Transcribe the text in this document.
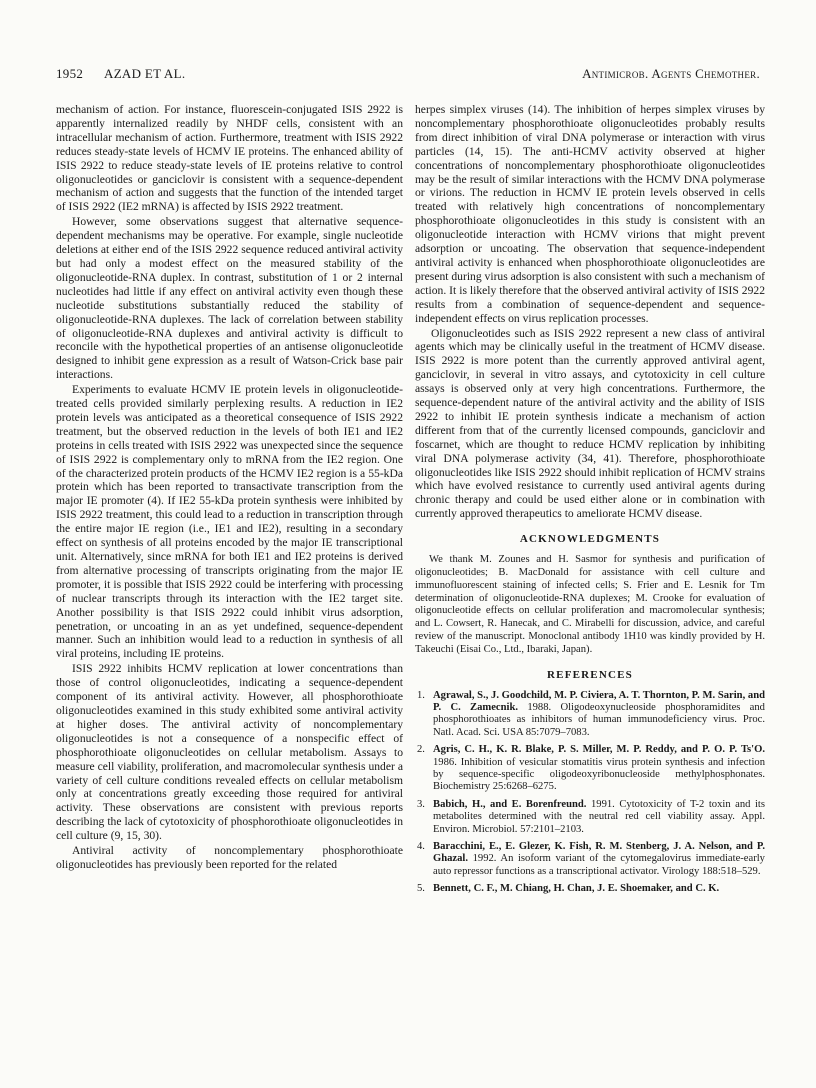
1952 AZAD ET AL.	Antimicrob. Agents Chemother.

mechanism of action. For instance, fluorescein-conjugated ISIS 2922 is apparently internalized readily by NHDF cells, consistent with an intracellular mechanism of action. Furthermore, treatment with ISIS 2922 reduces steady-state levels of HCMV IE proteins. The enhanced ability of ISIS 2922 to reduce steady-state levels of IE proteins relative to control oligonucleotides or ganciclovir is consistent with a sequence-dependent mechanism of action and suggests that the function of the intended target of ISIS 2922 (IE2 mRNA) is affected by ISIS 2922 treatment.

However, some observations suggest that alternative sequence-dependent mechanisms may be operative. For example, single nucleotide deletions at either end of the ISIS 2922 sequence reduced antiviral activity but had only a modest effect on the measured stability of the oligonucleotide-RNA duplex. In contrast, substitution of 1 or 2 internal nucleotides had little if any effect on antiviral activity even though these nucleotide substitutions substantially reduced the stability of oligonucleotide-RNA duplexes. The lack of correlation between stability of oligonucleotide-RNA duplexes and antiviral activity is difficult to reconcile with the hypothetical properties of an antisense oligonucleotide designed to inhibit gene expression as a result of Watson-Crick base pair interactions.

Experiments to evaluate HCMV IE protein levels in oligonucleotide-treated cells provided similarly perplexing results. A reduction in IE2 protein levels was anticipated as a theoretical consequence of ISIS 2922 treatment, but the observed reduction in the levels of both IE1 and IE2 proteins in cells treated with ISIS 2922 was unexpected since the sequence of ISIS 2922 is complementary only to mRNA from the IE2 region. One of the characterized protein products of the HCMV IE2 region is a 55-kDa protein which has been reported to transactivate transcription from the major IE promoter (4). If IE2 55-kDa protein synthesis were inhibited by ISIS 2922 treatment, this could lead to a reduction in transcription through the entire major IE region (i.e., IE1 and IE2), resulting in a secondary effect on synthesis of all proteins encoded by the major IE transcriptional unit. Alternatively, since mRNA for both IE1 and IE2 proteins is derived from alternative processing of transcripts originating from the major IE promoter, it is possible that ISIS 2922 could be interfering with processing of nuclear transcripts through its interaction with the IE2 target site. Another possibility is that ISIS 2922 could inhibit virus adsorption, penetration, or uncoating in an as yet undefined, sequence-dependent manner. Such an inhibition would lead to a reduction in synthesis of all viral proteins, including IE proteins.

ISIS 2922 inhibits HCMV replication at lower concentrations than those of control oligonucleotides, indicating a sequence-dependent component of its antiviral activity. However, all phosphorothioate oligonucleotides examined in this study exhibited some antiviral activity at higher doses. The antiviral activity of noncomplementary oligonucleotides is not a consequence of a nonspecific effect of phosphorothioate oligonucleotides on cellular metabolism. Assays to measure cell viability, proliferation, and macromolecular synthesis under a variety of cell culture conditions revealed effects on cellular metabolism only at concentrations greatly exceeding those required for antiviral activity. These observations are consistent with previous reports describing the lack of cytotoxicity of phosphorothioate oligonucleotides in cell culture (9, 15, 30).

Antiviral activity of noncomplementary phosphorothioate oligonucleotides has previously been reported for the related

herpes simplex viruses (14). The inhibition of herpes simplex viruses by noncomplementary phosphorothioate oligonucleotides probably results from direct inhibition of viral DNA polymerase or interaction with virus particles (14, 15). The anti-HCMV activity observed at higher concentrations of noncomplementary phosphorothioate oligonucleotides may be the result of similar interactions with the HCMV DNA polymerase or virions. The reduction in HCMV IE protein levels observed in cells treated with relatively high concentrations of noncomplementary phosphorothioate oligonucleotides in this study is consistent with an oligonucleotide interaction with HCMV virions that might prevent adsorption or uncoating. The observation that sequence-independent antiviral activity is enhanced when phosphorothioate oligonucleotides are present during virus adsorption is also consistent with such a mechanism of action. It is likely therefore that the observed antiviral activity of ISIS 2922 results from a combination of sequence-dependent and sequence-independent effects on virus replication processes.

Oligonucleotides such as ISIS 2922 represent a new class of antiviral agents which may be clinically useful in the treatment of HCMV disease. ISIS 2922 is more potent than the currently approved antiviral agent, ganciclovir, in several in vitro assays, and cytotoxicity in cell culture assays is observed only at very high concentrations. Furthermore, the sequence-dependent nature of the antiviral activity and the ability of ISIS 2922 to inhibit IE protein synthesis indicate a mechanism of action different from that of the currently licensed compounds, ganciclovir and foscarnet, which are thought to reduce HCMV replication by inhibiting viral DNA polymerase activity (34, 41). Therefore, phosphorothioate oligonucleotides like ISIS 2922 should inhibit replication of HCMV strains which have evolved resistance to currently used antiviral agents during chronic therapy and could be used either alone or in combination with currently approved therapeutics to ameliorate HCMV disease.

ACKNOWLEDGMENTS

We thank M. Zounes and H. Sasmor for synthesis and purification of oligonucleotides; B. MacDonald for assistance with cell culture and immunofluorescent staining of infected cells; S. Frier and E. Lesnik for Tm determination of oligonucleotide-RNA duplexes; M. Crooke for evaluation of oligonucleotide effects on cellular proliferation and macromolecular synthesis; and L. Cowsert, R. Hanecak, and C. Mirabelli for discussion, advice, and careful review of the manuscript. Monoclonal antibody 1H10 was kindly provided by H. Takeuchi (Eisai Co., Ltd., Ibaraki, Japan).

REFERENCES
1. Agrawal, S., J. Goodchild, M. P. Civiera, A. T. Thornton, P. M. Sarin, and P. C. Zamecnik. 1988. Oligodeoxynucleoside phosphoramidites and phosphorothioates as inhibitors of human immunodeficiency virus. Proc. Natl. Acad. Sci. USA 85:7079–7083.
2. Agris, C. H., K. R. Blake, P. S. Miller, M. P. Reddy, and P. O. P. Ts'O. 1986. Inhibition of vesicular stomatitis virus protein synthesis and infection by sequence-specific oligodeoxyribonucleoside methylphosphonates. Biochemistry 25:6268–6275.
3. Babich, H., and E. Borenfreund. 1991. Cytotoxicity of T-2 toxin and its metabolites determined with the neutral red cell viability assay. Appl. Environ. Microbiol. 57:2101–2103.
4. Baracchini, E., E. Glezer, K. Fish, R. M. Stenberg, J. A. Nelson, and P. Ghazal. 1992. An isoform variant of the cytomegalovirus immediate-early auto repressor functions as a transcriptional activator. Virology 188:518–529.
5. Bennett, C. F., M. Chiang, H. Chan, J. E. Shoemaker, and C. K.
